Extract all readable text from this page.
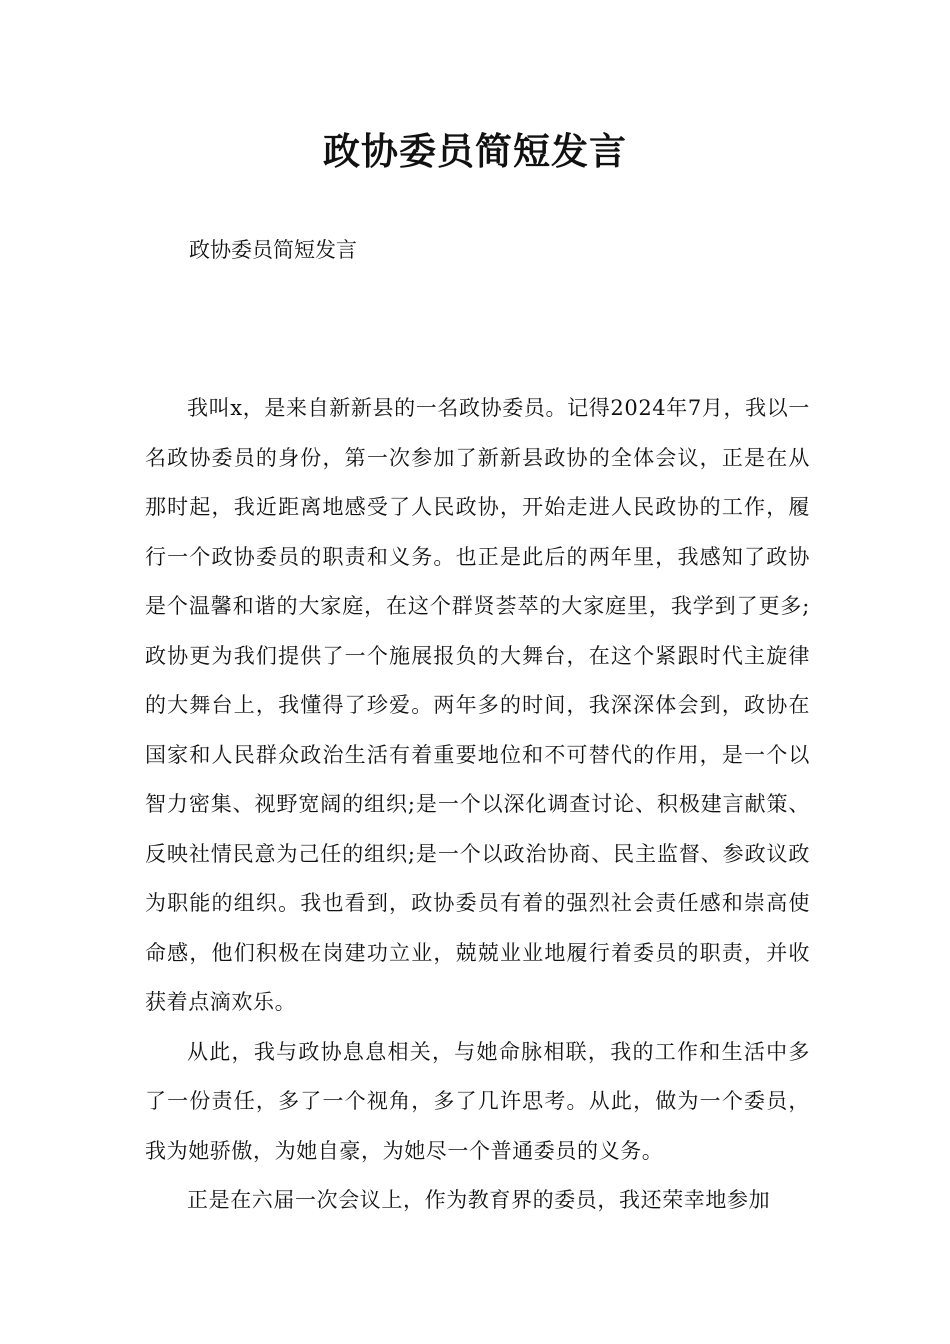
政协委员简短发言
政协委员简短发言

我叫x，是来自新新县的一名政协委员。记得2024年7月，我以一名政协委员的身份，第一次参加了新新县政协的全体会议，正是在从那时起，我近距离地感受了人民政协，开始走进人民政协的工作，履行一个政协委员的职责和义务。也正是此后的两年里，我感知了政协是个温馨和谐的大家庭，在这个群贤荟萃的大家庭里，我学到了更多;政协更为我们提供了一个施展报负的大舞台，在这个紧跟时代主旋律的大舞台上，我懂得了珍爱。两年多的时间，我深深体会到，政协在国家和人民群众政治生活有着重要地位和不可替代的作用，是一个以智力密集、视野宽阔的组织;是一个以深化调查讨论、积极建言献策、反映社情民意为己任的组织;是一个以政治协商、民主监督、参政议政为职能的组织。我也看到，政协委员有着的强烈社会责任感和崇高使命感，他们积极在岗建功立业，兢兢业业地履行着委员的职责，并收获着点滴欢乐。

从此，我与政协息息相关，与她命脉相联，我的工作和生活中多了一份责任，多了一个视角，多了几许思考。从此，做为一个委员，我为她骄傲，为她自豪，为她尽一个普通委员的义务。

正是在六届一次会议上，作为教育界的委员，我还荣幸地参加
